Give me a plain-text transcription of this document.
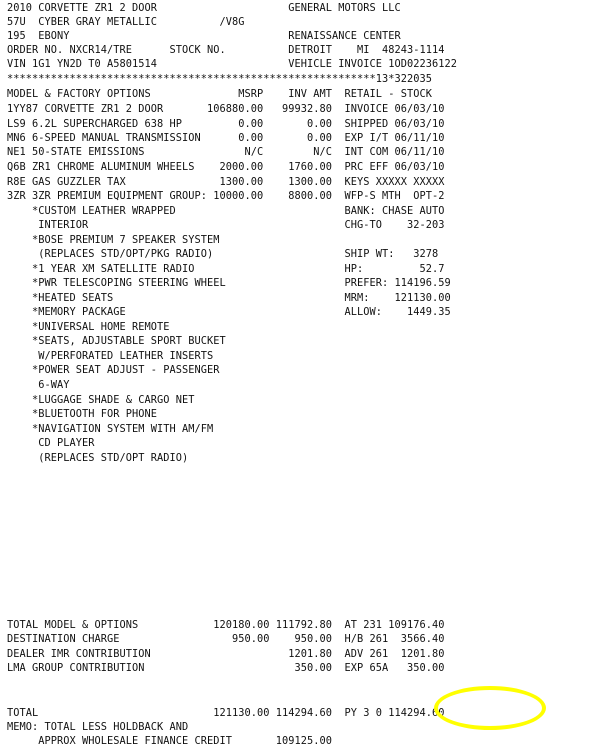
2010 CORVETTE ZR1 2 DOOR                     GENERAL MOTORS LLC
57U  CYBER GRAY METALLIC          /V8G
195  EBONY                                   RENAISSANCE CENTER
ORDER NO. NXCR14/TRE      STOCK NO.          DETROIT    MI  48243-1114
VIN 1G1 YN2D T0 A5801514                     VEHICLE INVOICE 1OD02236122
***********************************************************13*322035
MODEL & FACTORY OPTIONS              MSRP    INV AMT  RETAIL - STOCK
1YY87 CORVETTE ZR1 2 DOOR       106880.00   99932.80  INVOICE 06/03/10
LS9 6.2L SUPERCHARGED 638 HP         0.00       0.00  SHIPPED 06/03/10
MN6 6-SPEED MANUAL TRANSMISSION      0.00       0.00  EXP I/T 06/11/10
NE1 50-STATE EMISSIONS                N/C        N/C  INT COM 06/11/10
Q6B ZR1 CHROME ALUMINUM WHEELS    2000.00    1760.00  PRC EFF 06/03/10
R8E GAS GUZZLER TAX               1300.00    1300.00  KEYS XXXXX XXXXX
3ZR 3ZR PREMIUM EQUIPMENT GROUP: 10000.00    8800.00  WFP-S MTH  OPT-2
*CUSTOM LEATHER WRAPPED                           BANK: CHASE AUTO
INTERIOR                                         CHG-TO    32-203
*BOSE PREMIUM 7 SPEAKER SYSTEM
(REPLACES STD/OPT/PKG RADIO)                     SHIP WT:   3278
*1 YEAR XM SATELLITE RADIO                        HP:         52.7
*PWR TELESCOPING STEERING WHEEL                   PREFER: 114196.59
*HEATED SEATS                                     MRM:    121130.00
*MEMORY PACKAGE                                   ALLOW:    1449.35
*UNIVERSAL HOME REMOTE
*SEATS, ADJUSTABLE SPORT BUCKET
W/PERFORATED LEATHER INSERTS
*POWER SEAT ADJUST - PASSENGER
6-WAY
*LUGGAGE SHADE & CARGO NET
*BLUETOOTH FOR PHONE
*NAVIGATION SYSTEM WITH AM/FM
CD PLAYER
(REPLACES STD/OPT RADIO)
TOTAL MODEL & OPTIONS            120180.00 111792.80  AT 231 109176.40
DESTINATION CHARGE                  950.00    950.00  H/B 261  3566.40
DEALER IMR CONTRIBUTION                      1201.80  ADV 261  1201.80
LMA GROUP CONTRIBUTION                        350.00  EXP 65A   350.00
TOTAL                            121130.00 114294.60  PY 3 0 114294.60
MEMO: TOTAL LESS HOLDBACK AND
APPROX WHOLESALE FINANCE CREDIT       109125.00
